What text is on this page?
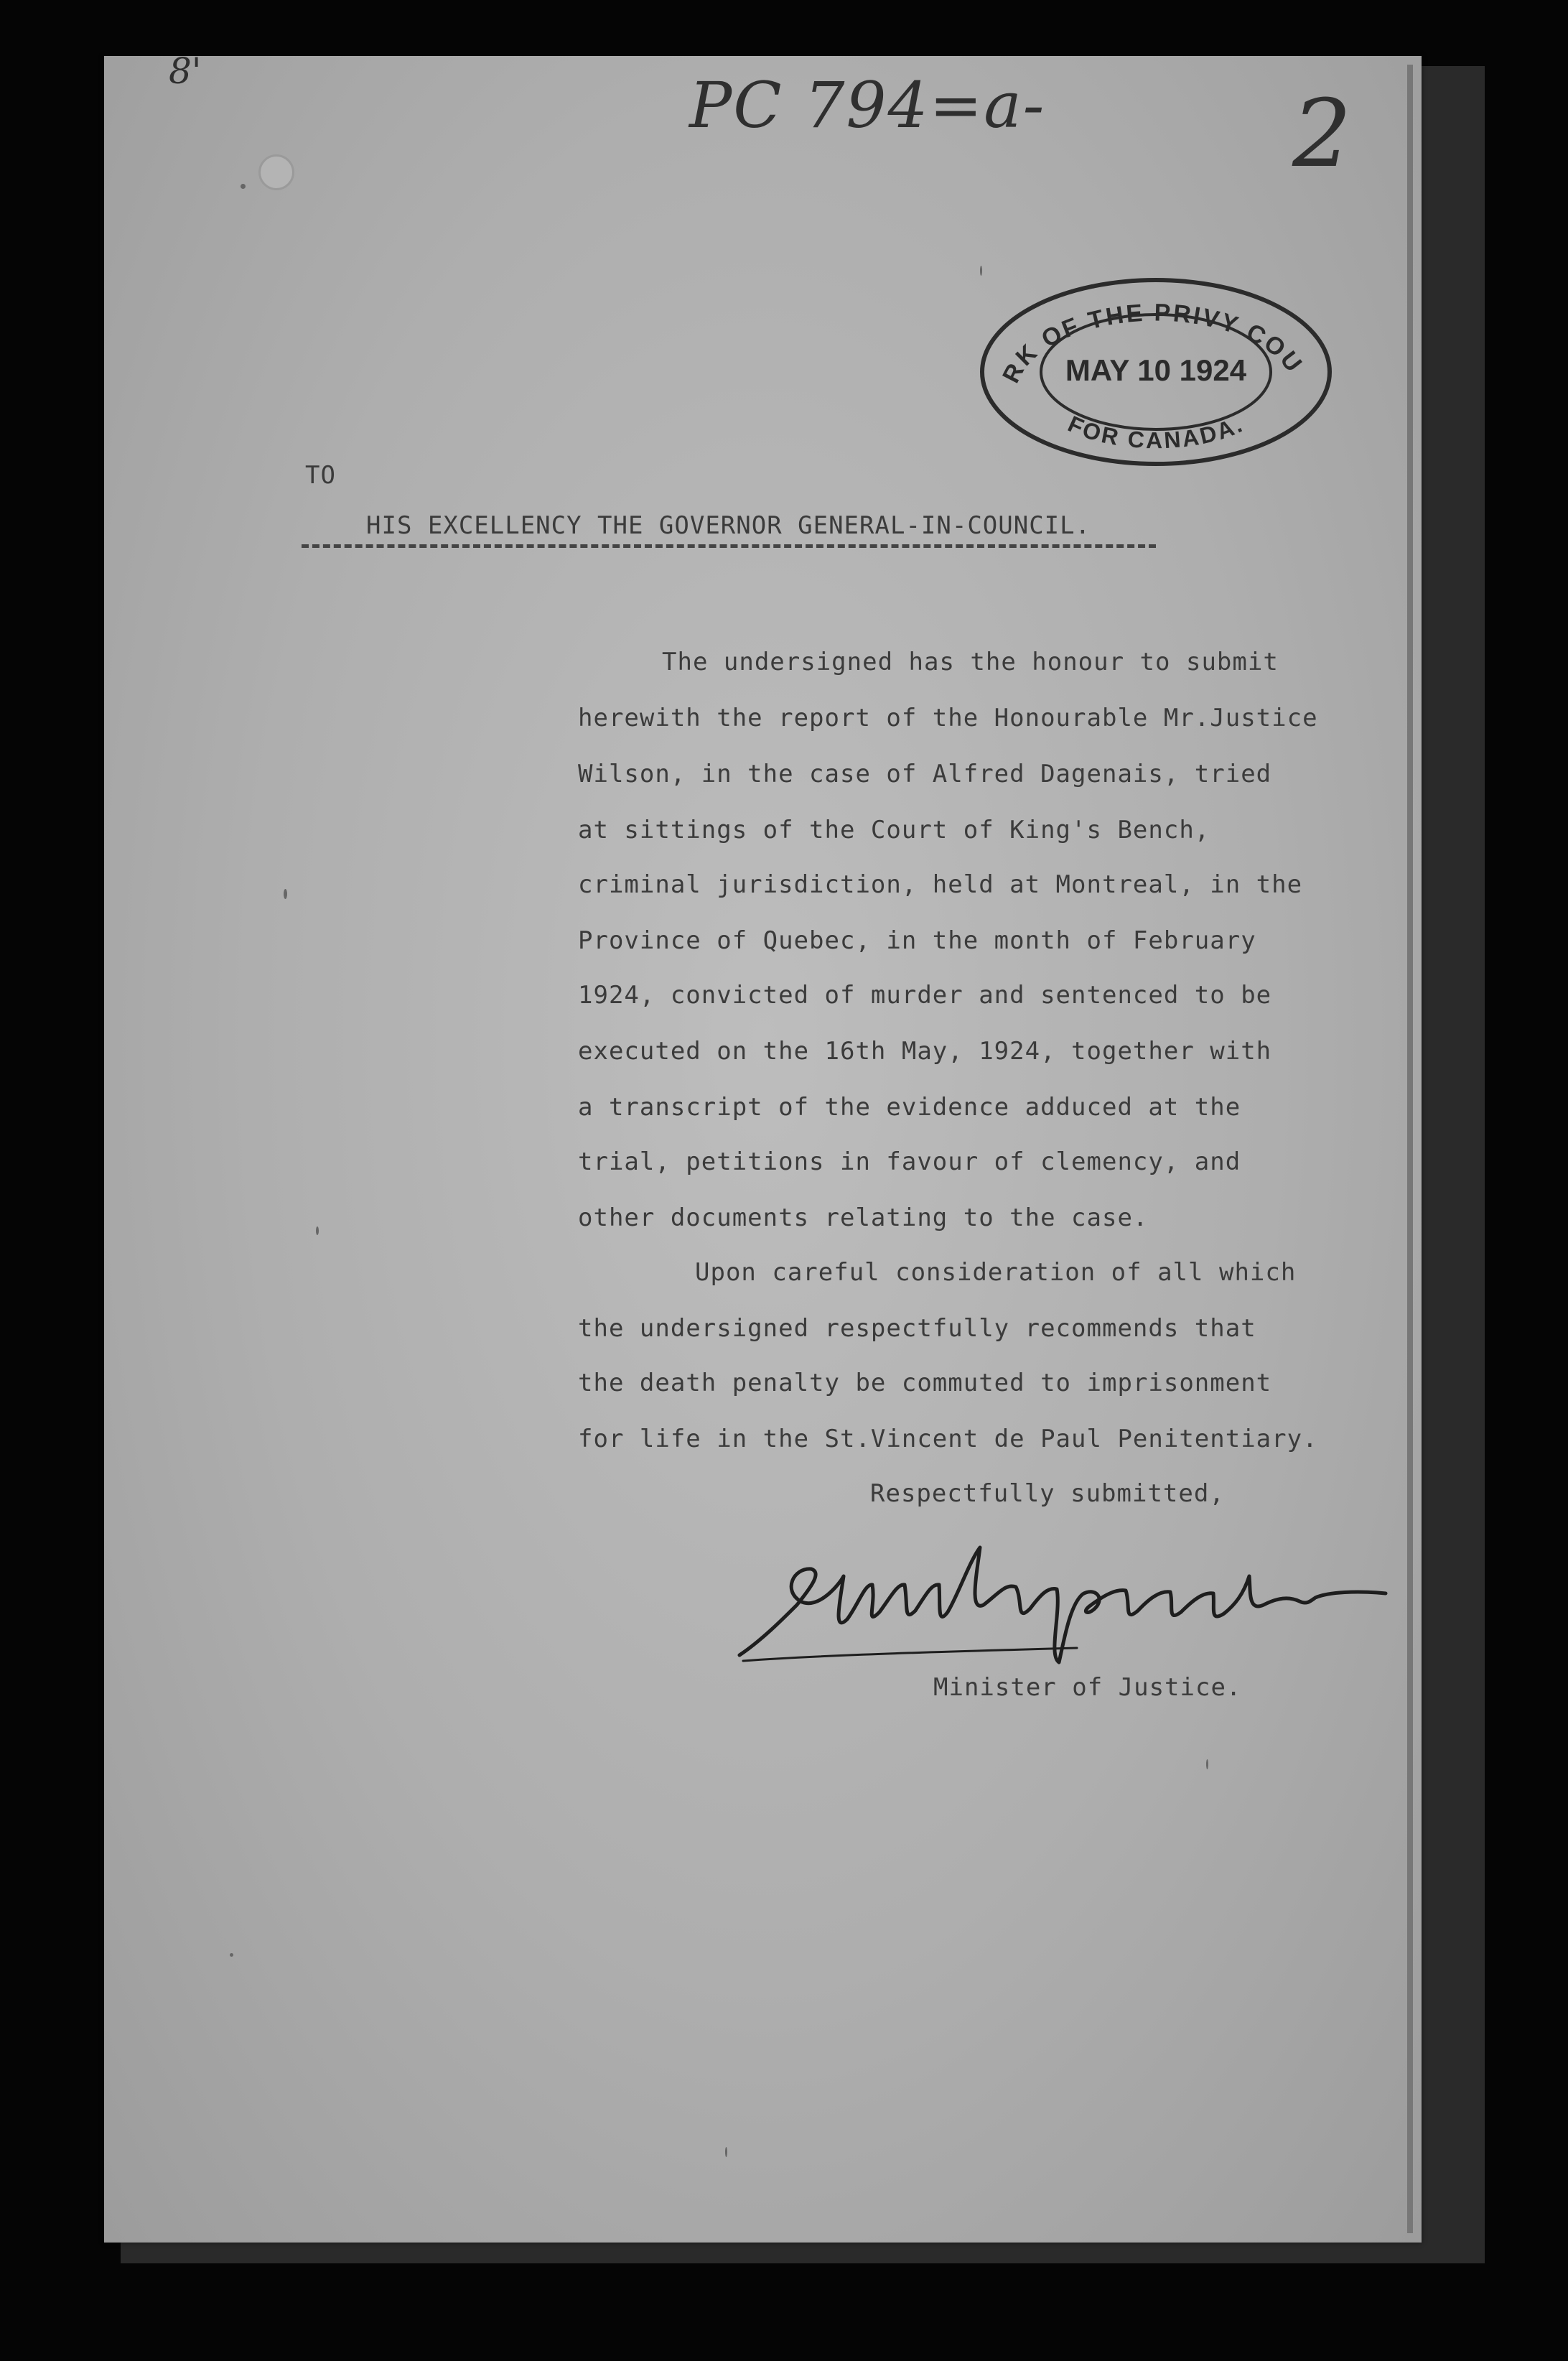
8'	PC 794=a-	2
RK OF THE PRIVY COU
MAY 10 1924
FOR CANADA.
TO
HIS EXCELLENCY THE GOVERNOR GENERAL-IN-COUNCIL.
The undersigned has the honour to submit
herewith the report of the Honourable Mr.Justice
Wilson, in the case of Alfred Dagenais, tried
at sittings of the Court of King's Bench,
criminal jurisdiction, held at Montreal, in the
Province of Quebec, in the month of February
1924, convicted of murder and sentenced to be
executed on the 16th May, 1924, together with
a transcript of the evidence adduced at the
trial, petitions in favour of clemency, and
other documents relating to the case.
Upon careful consideration of all which
the undersigned respectfully recommends that
the death penalty be commuted to imprisonment
for life in the St.Vincent de Paul Penitentiary.
Respectfully submitted,
Minister of Justice.
